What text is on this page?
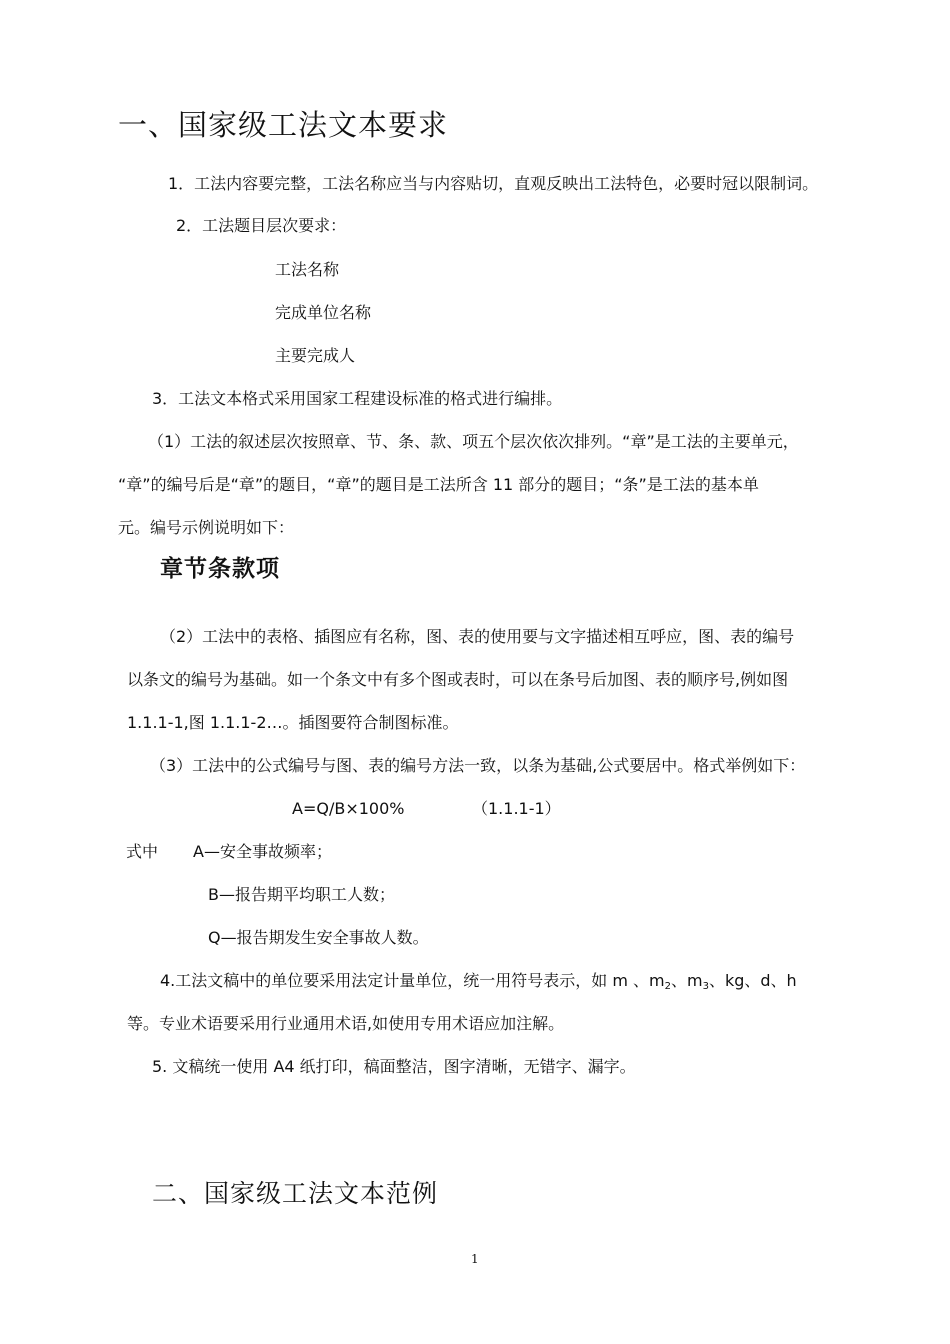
一、国家级工法文本要求
1．工法内容要完整，工法名称应当与内容贴切，直观反映出工法特色，必要时冠以限制词。
2．工法题目层次要求：
工法名称
完成单位名称
主要完成人
3．工法文本格式采用国家工程建设标准的格式进行编排。
（1）工法的叙述层次按照章、节、条、款、项五个层次依次排列。“章”是工法的主要单元，
“章”的编号后是“章”的题目，“章”的题目是工法所含 11 部分的题目；“条”是工法的基本单
元。编号示例说明如下：
章节条款项
（2）工法中的表格、插图应有名称，图、表的使用要与文字描述相互呼应，图、表的编号
以条文的编号为基础。如一个条文中有多个图或表时，可以在条号后加图、表的顺序号,例如图
1.1.1-1,图 1.1.1-2…。插图要符合制图标准。
（3）工法中的公式编号与图、表的编号方法一致，以条为基础,公式要居中。格式举例如下：
A=Q/B×100%	（1.1.1-1）
式中 A—安全事故频率；
B—报告期平均职工人数；
Q—报告期发生安全事故人数。
4.工法文稿中的单位要采用法定计量单位，统一用符号表示，如 m 、m2、m3、kg、d、h
等。专业术语要采用行业通用术语,如使用专用术语应加注解。
5. 文稿统一使用 A4 纸打印，稿面整洁，图字清晰，无错字、漏字。
二、国家级工法文本范例
1
